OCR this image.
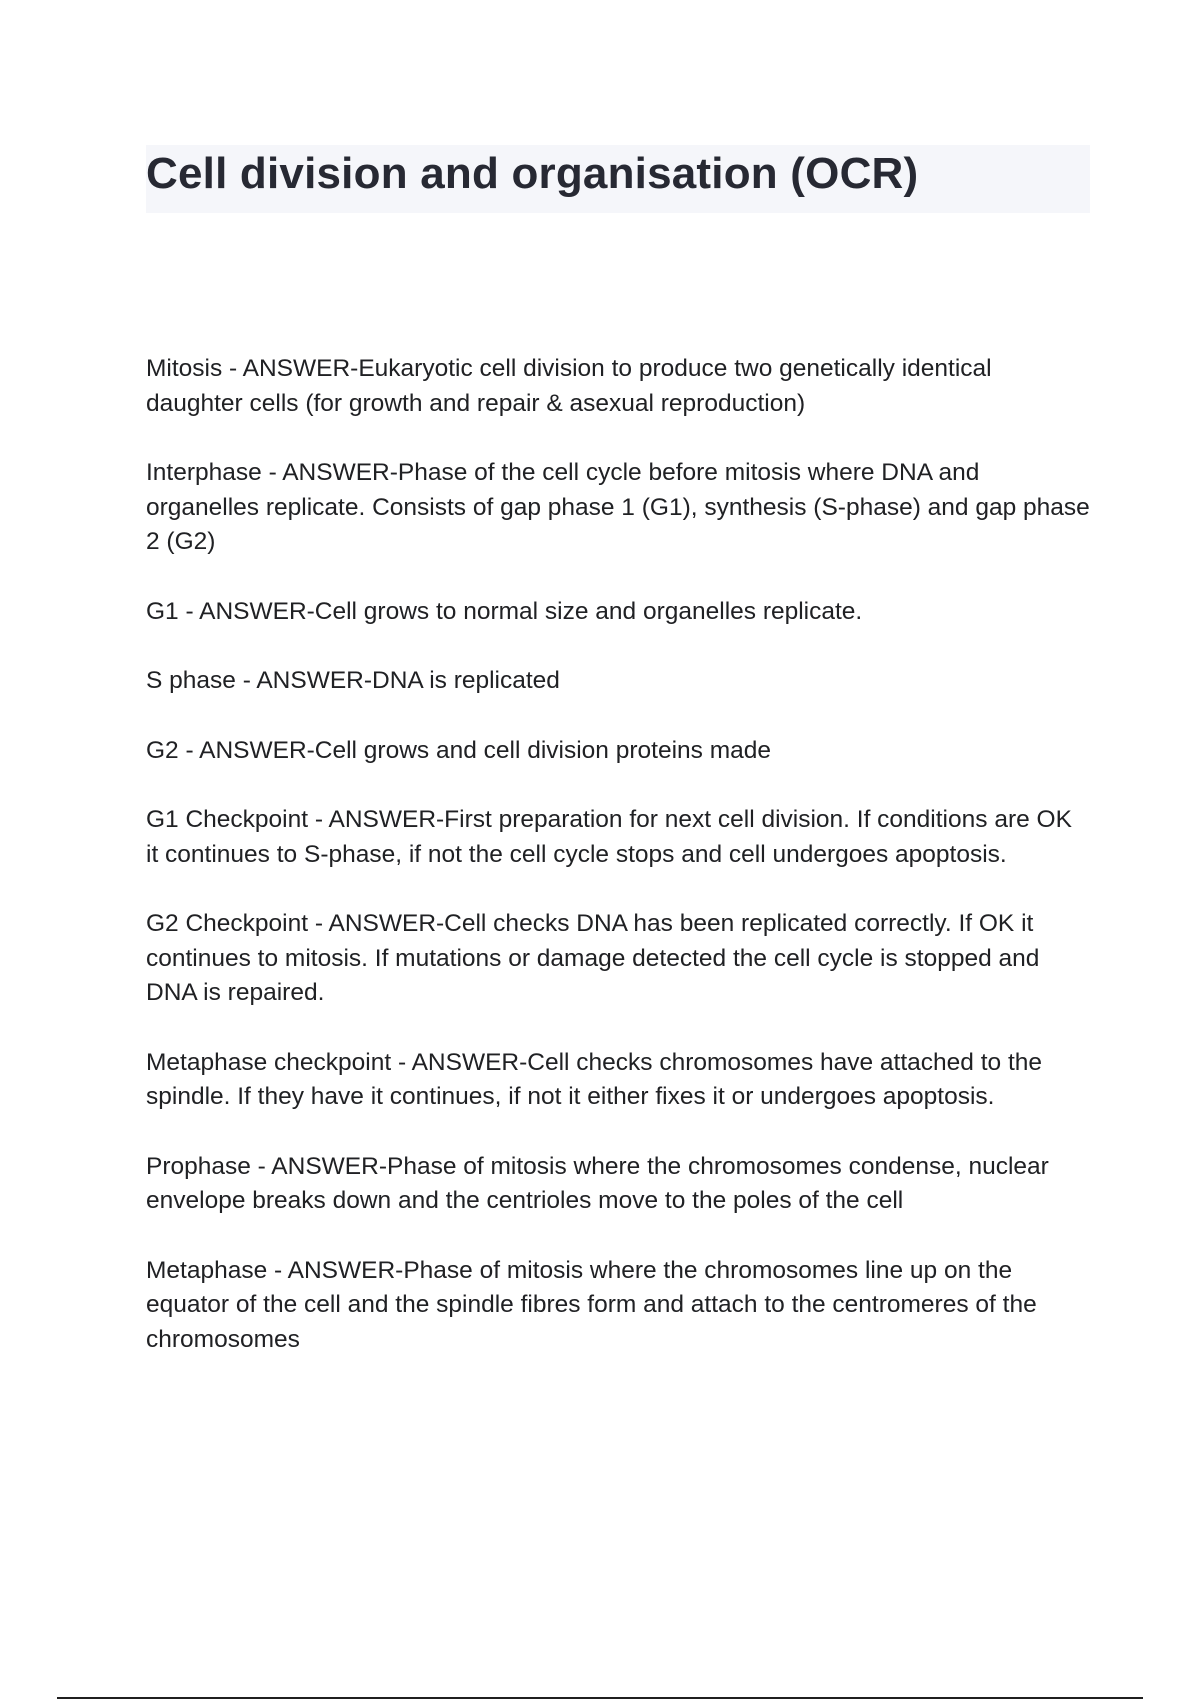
Cell division and organisation (OCR)

Mitosis - ANSWER-Eukaryotic cell division to produce two genetically identical daughter cells (for growth and repair & asexual reproduction)

Interphase - ANSWER-Phase of the cell cycle before mitosis where DNA and organelles replicate. Consists of gap phase 1 (G1), synthesis (S-phase) and gap phase 2 (G2)

G1 - ANSWER-Cell grows to normal size and organelles replicate.

S phase - ANSWER-DNA is replicated

G2 - ANSWER-Cell grows and cell division proteins made

G1 Checkpoint - ANSWER-First preparation for next cell division. If conditions are OK it continues to S-phase, if not the cell cycle stops and cell undergoes apoptosis.

G2 Checkpoint - ANSWER-Cell checks DNA has been replicated correctly. If OK it continues to mitosis. If mutations or damage detected the cell cycle is stopped and DNA is repaired.

Metaphase checkpoint - ANSWER-Cell checks chromosomes have attached to the spindle. If they have it continues, if not it either fixes it or undergoes apoptosis.

Prophase - ANSWER-Phase of mitosis where the chromosomes condense, nuclear envelope breaks down and the centrioles move to the poles of the cell

Metaphase - ANSWER-Phase of mitosis where the chromosomes line up on the equator of the cell and the spindle fibres form and attach to the centromeres of the chromosomes
